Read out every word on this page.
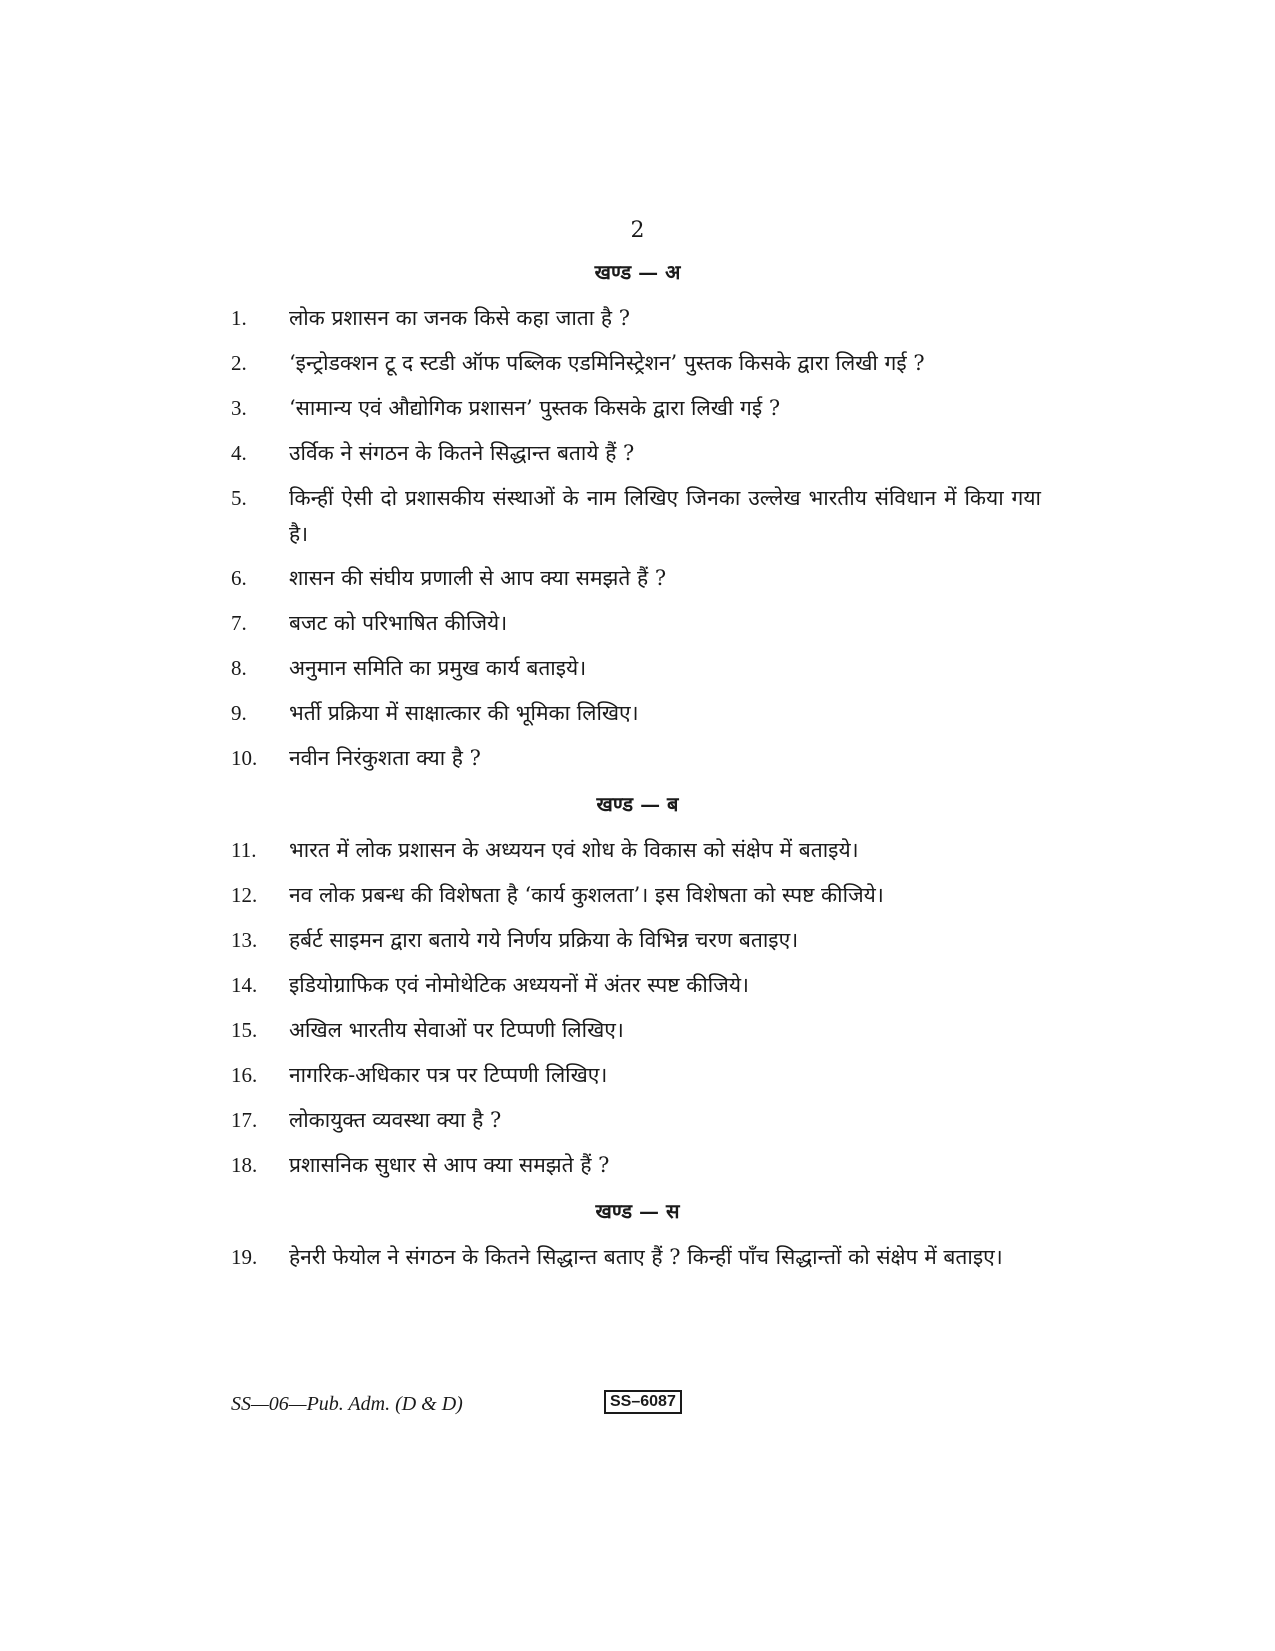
2
खण्ड — अ
1.	लोक प्रशासन का जनक किसे कहा जाता है ?
2.	‘इन्ट्रोडक्शन टू द स्टडी ऑफ पब्लिक एडमिनिस्ट्रेशन’ पुस्तक किसके द्वारा लिखी गई ?
3.	‘सामान्य एवं औद्योगिक प्रशासन’ पुस्तक किसके द्वारा लिखी गई ?
4.	उर्विक ने संगठन के कितने सिद्धान्त बताये हैं ?
5.	किन्हीं ऐसी दो प्रशासकीय संस्थाओं के नाम लिखिए जिनका उल्लेख भारतीय संविधान में किया गया है।
6.	शासन की संघीय प्रणाली से आप क्या समझते हैं ?
7.	बजट को परिभाषित कीजिये।
8.	अनुमान समिति का प्रमुख कार्य बताइये।
9.	भर्ती प्रक्रिया में साक्षात्कार की भूमिका लिखिए।
10.	नवीन निरंकुशता क्या है ?
खण्ड — ब
11.	भारत में लोक प्रशासन के अध्ययन एवं शोध के विकास को संक्षेप में बताइये।
12.	नव लोक प्रबन्ध की विशेषता है ‘कार्य कुशलता’। इस विशेषता को स्पष्ट कीजिये।
13.	हर्बर्ट साइमन द्वारा बताये गये निर्णय प्रक्रिया के विभिन्न चरण बताइए।
14.	इडियोग्राफिक एवं नोमोथेटिक अध्ययनों में अंतर स्पष्ट कीजिये।
15.	अखिल भारतीय सेवाओं पर टिप्पणी लिखिए।
16.	नागरिक-अधिकार पत्र पर टिप्पणी लिखिए।
17.	लोकायुक्त व्यवस्था क्या है ?
18.	प्रशासनिक सुधार से आप क्या समझते हैं ?
खण्ड — स
19.	हेनरी फेयोल ने संगठन के कितने सिद्धान्त बताए हैं ? किन्हीं पाँच सिद्धान्तों को संक्षेप में बताइए।
SS—06—Pub. Adm. (D & D)	SS–6087
